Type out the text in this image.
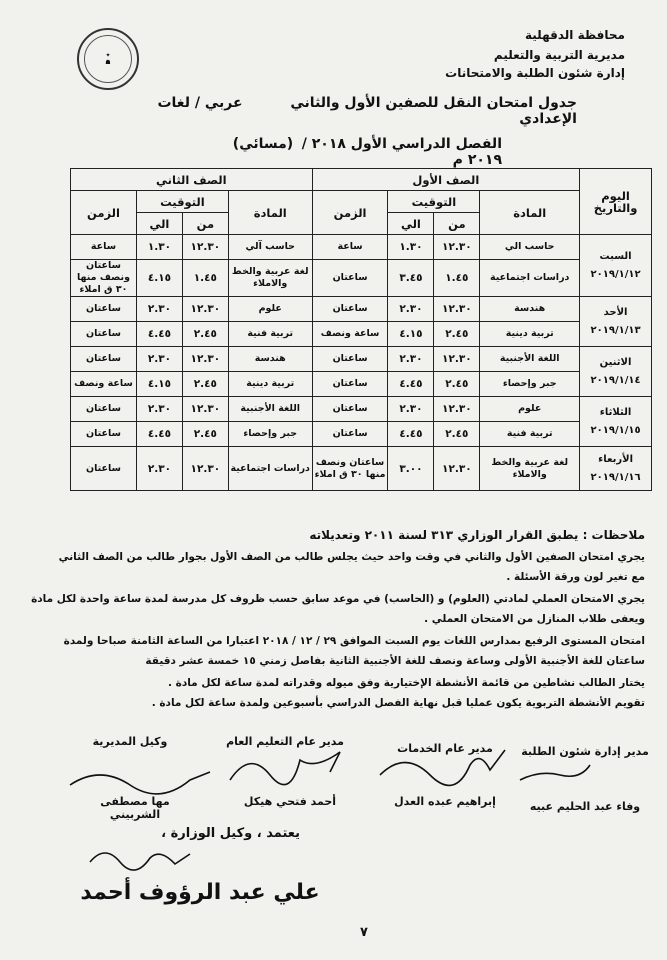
✦
☗
محافظة الدقهلية
مديرية التربية والتعليم
إدارة شئون الطلبة والامتحانات
جدول امتحان النقل للصفين الأول والثاني الإعدادي
عربي / لغات
الفصل الدراسي الأول ٢٠١٨ / ٢٠١٩ م
(مسائي)
اليوم والتاريخ	الصف الأول				الصف الثاني			
	المادة	التوقيت		الزمن	المادة	التوقيت		الزمن
		من	الي			من	الي	

السبت
٢٠١٩/١/١٢	حاسب الي	١٢.٣٠	١.٣٠	ساعة	حاسب آلي	١٢.٣٠	١.٣٠	ساعة
	دراسات اجتماعية	١.٤٥	٣.٤٥	ساعتان	لغة عربية والخط والاملاء	١.٤٥	٤.١٥	ساعتان ونصف منها ٣٠ ق املاء

الأحد
٢٠١٩/١/١٣	هندسة	١٢.٣٠	٢.٣٠	ساعتان	علوم	١٢.٣٠	٢.٣٠	ساعتان
	تربية دينية	٢.٤٥	٤.١٥	ساعة ونصف	تربية فنية	٢.٤٥	٤.٤٥	ساعتان

الاثنين
٢٠١٩/١/١٤	اللغة الأجنبية	١٢.٣٠	٢.٣٠	ساعتان	هندسة	١٢.٣٠	٢.٣٠	ساعتان
	جبر وإحصاء	٢.٤٥	٤.٤٥	ساعتان	تربية دينية	٢.٤٥	٤.١٥	ساعة ونصف

الثلاثاء
٢٠١٩/١/١٥	علوم	١٢.٣٠	٢.٣٠	ساعتان	اللغة الأجنبية	١٢.٣٠	٢.٣٠	ساعتان
	تربية فنية	٢.٤٥	٤.٤٥	ساعتان	جبر وإحصاء	٢.٤٥	٤.٤٥	ساعتان

الأربعاء
٢٠١٩/١/١٦	لغة عربية والخط والاملاء	١٢.٣٠	٣.٠٠	ساعتان ونصف منها ٣٠ ق املاء	دراسات اجتماعية	١٢.٣٠	٢.٣٠	ساعتان
ملاحظات : يطبق القرار الوزاري ٣١٣ لسنة ٢٠١١ وتعديلاته
يجري امتحان الصفين الأول والثاني في وقت واحد حيث يجلس طالب من الصف الأول بجوار طالب من الصف الثاني
مع تغير لون ورقة الأسئلة .
يجري الامتحان العملي لمادتي (العلوم) و (الحاسب) في موعد سابق حسب ظروف كل مدرسة لمدة ساعة واحدة لكل مادة
ويعفى طلاب المنازل من الامتحان العملي .
امتحان المستوى الرفيع بمدارس اللغات يوم السبت الموافق ٢٩ / ١٢ / ٢٠١٨ اعتبارا من الساعة الثامنة صباحا ولمدة
ساعتان للغة الأجنبية الأولى وساعة ونصف للغة الأجنبية الثانية بفاصل زمني ١٥ خمسة عشر دقيقة
يختار الطالب نشاطين من قائمة الأنشطة الإختيارية وفق ميوله وقدراته لمدة ساعة لكل مادة .
تقويم الأنشطة التربوية يكون عمليا قبل نهاية الفصل الدراسي بأسبوعين ولمدة ساعة لكل مادة .
وكيل المديرية	مدير عام التعليم العام
مدير عام الخدمات	مدير إدارة شئون الطلبة
مها مصطفى الشربيني
أحمد فتحي هيكل	إبراهيم عبده العدل	وفاء عبد الحليم عبيه
يعتمد ، وكيل الوزارة ،
علي عبد الرؤوف أحمد
٧
